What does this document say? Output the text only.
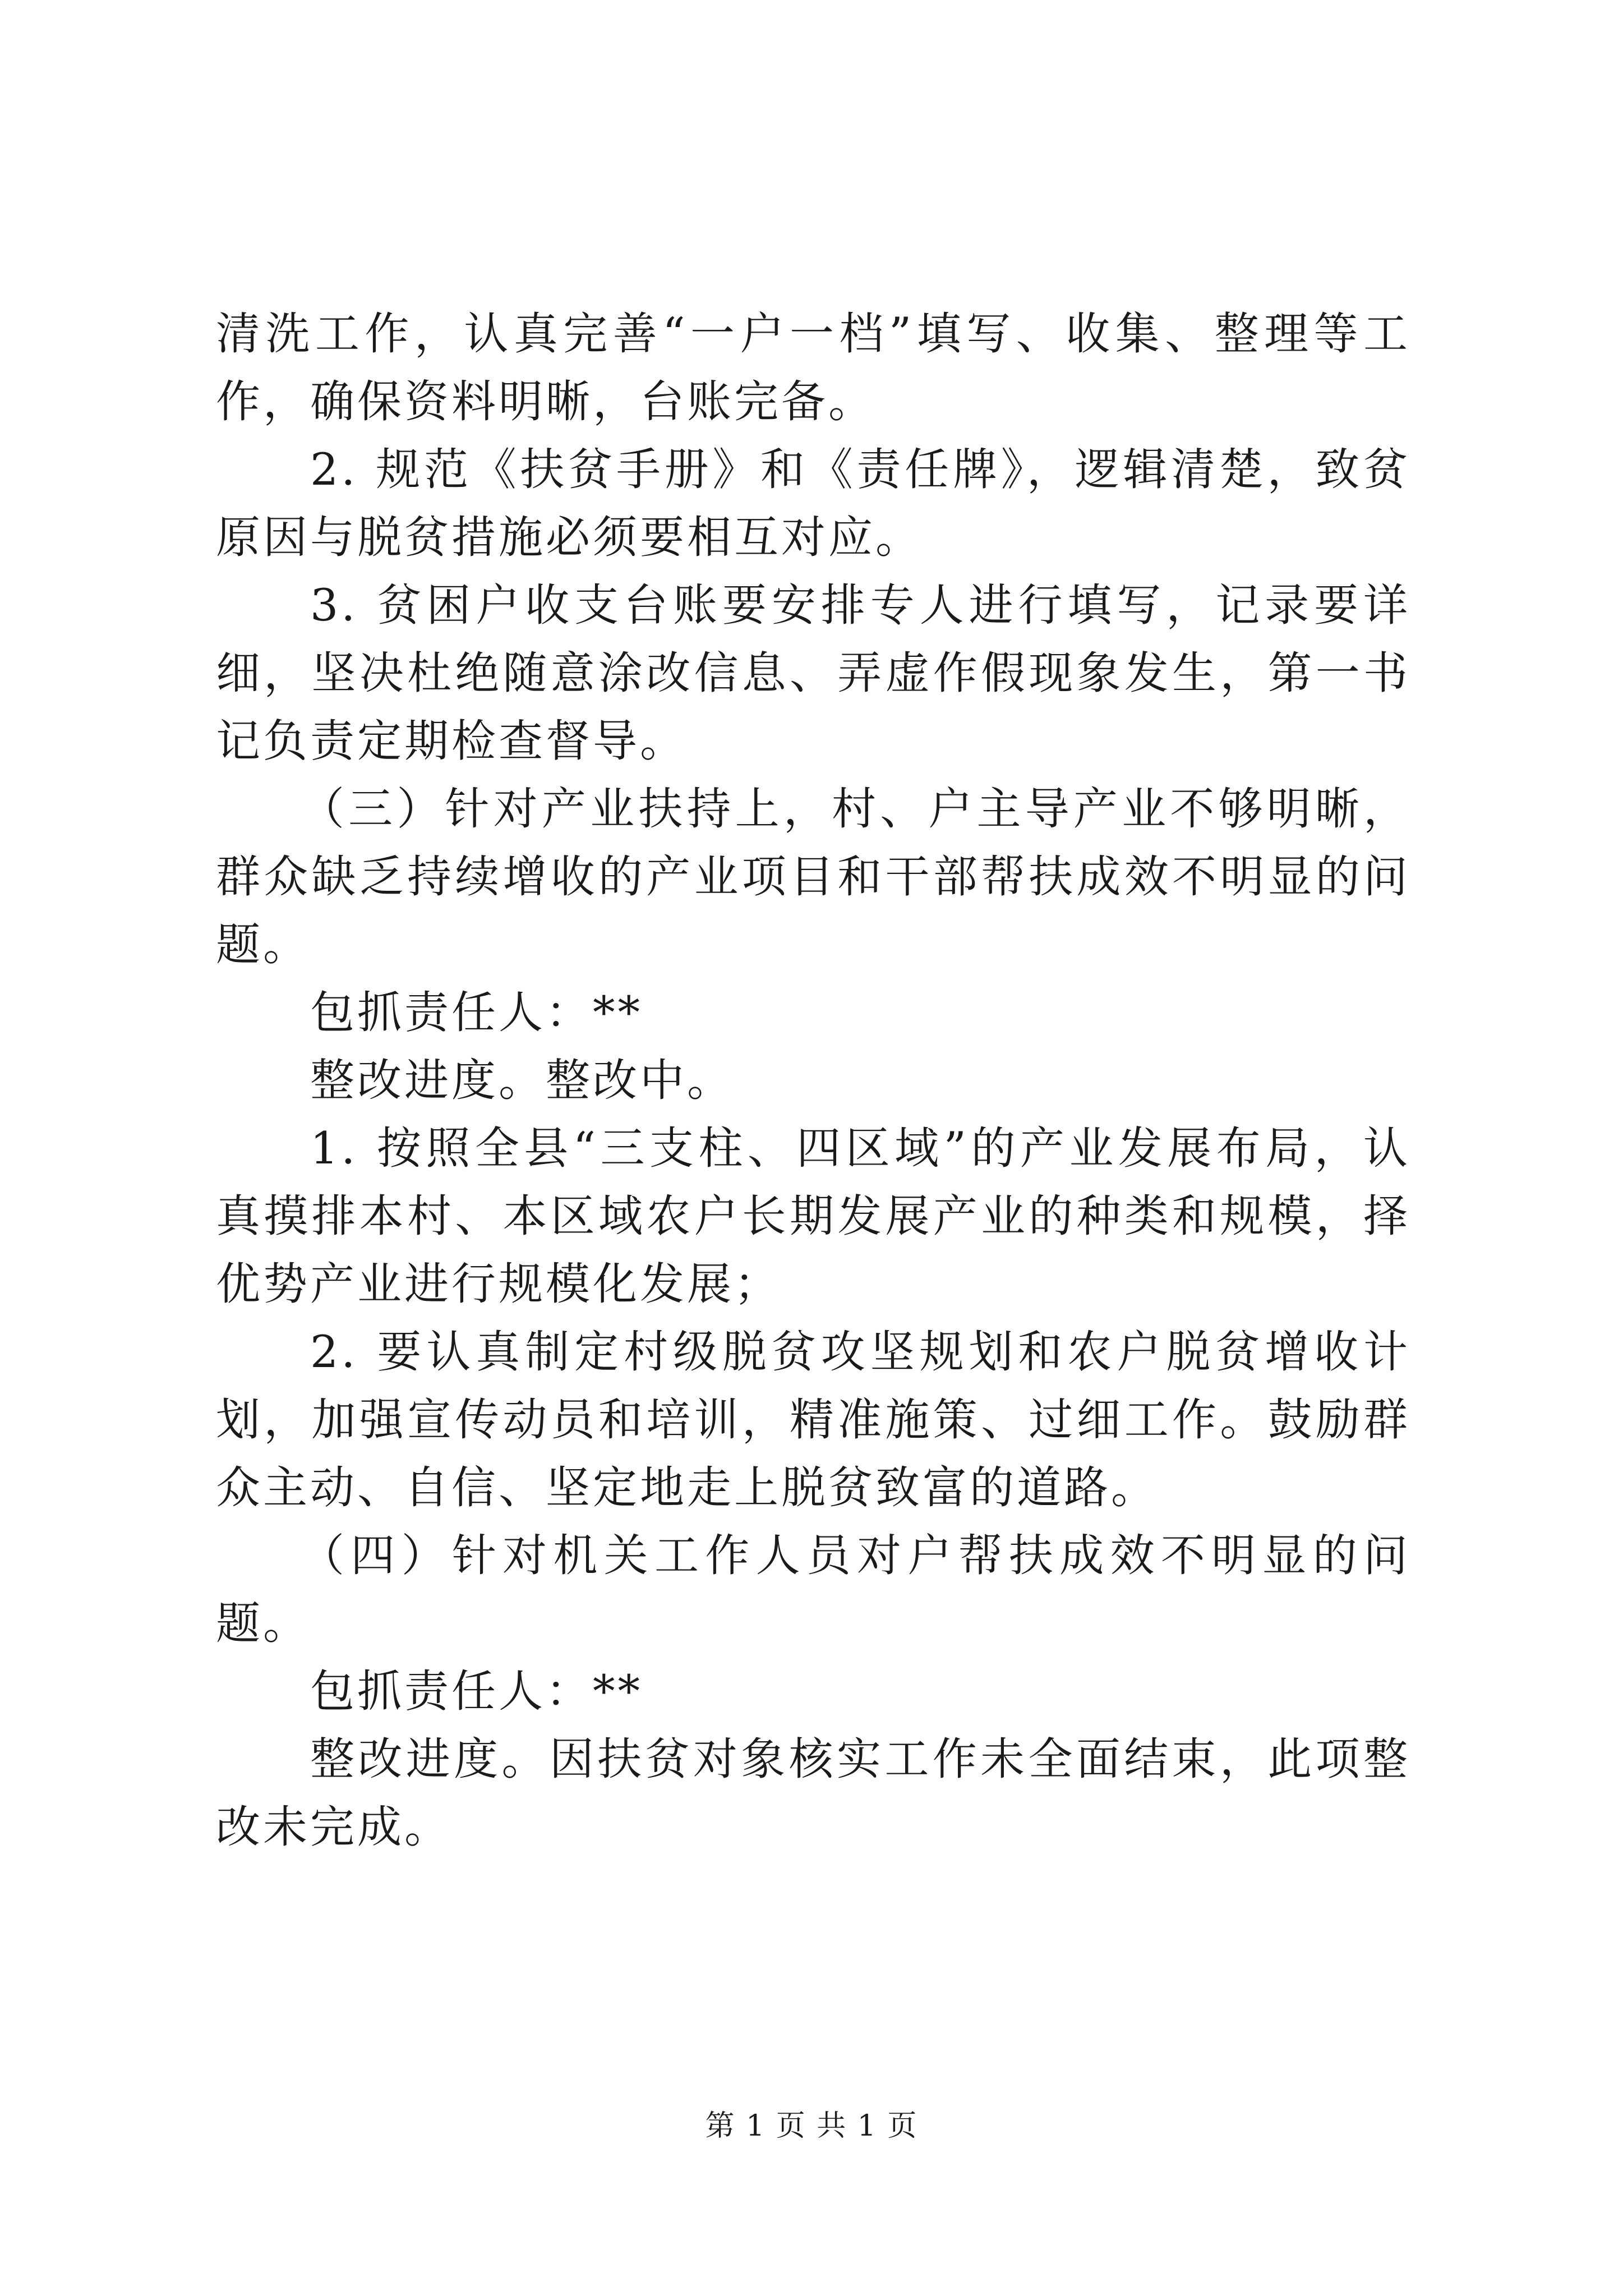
清洗工作，认真完善“一户一档”填写、收集、整理等工作，确保资料明晰，台账完备。

2. 规范《扶贫手册》和《责任牌》，逻辑清楚，致贫原因与脱贫措施必须要相互对应。

3. 贫困户收支台账要安排专人进行填写，记录要详细，坚决杜绝随意涂改信息、弄虚作假现象发生，第一书记负责定期检查督导。

（三）针对产业扶持上，村、户主导产业不够明晰，群众缺乏持续增收的产业项目和干部帮扶成效不明显的问题。

包抓责任人：**

整改进度。整改中。

1. 按照全县“三支柱、四区域”的产业发展布局，认真摸排本村、本区域农户长期发展产业的种类和规模，择优势产业进行规模化发展；

2. 要认真制定村级脱贫攻坚规划和农户脱贫增收计划，加强宣传动员和培训，精准施策、过细工作。鼓励群众主动、自信、坚定地走上脱贫致富的道路。

（四）针对机关工作人员对户帮扶成效不明显的问题。

包抓责任人：**

整改进度。因扶贫对象核实工作未全面结束，此项整改未完成。

第 1 页 共 1 页
